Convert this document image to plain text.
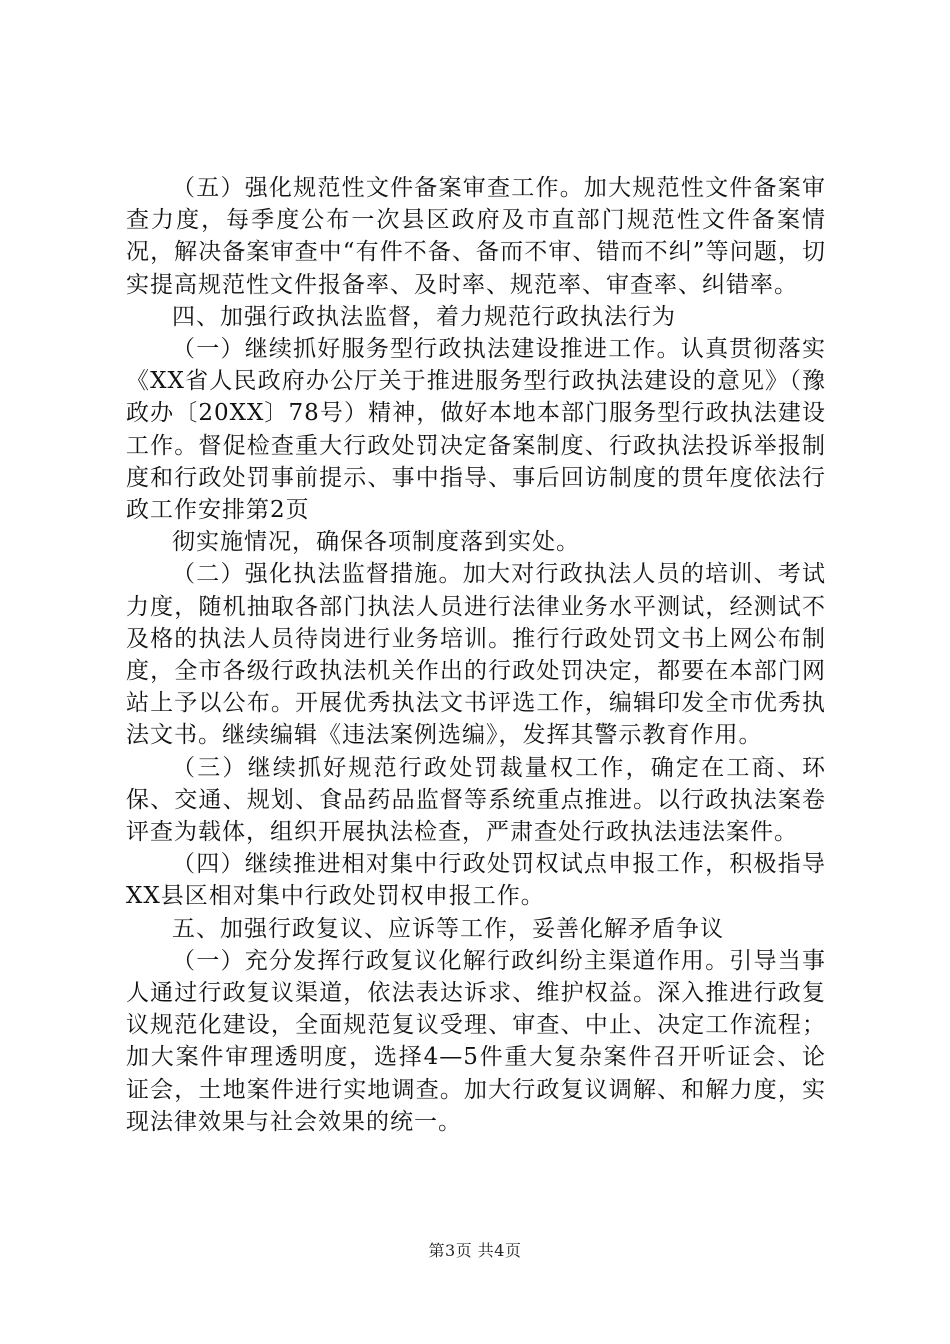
（五）强化规范性文件备案审查工作。加大规范性文件备案审查力度，每季度公布一次县区政府及市直部门规范性文件备案情况，解决备案审查中“有件不备、备而不审、错而不纠”等问题，切实提高规范性文件报备率、及时率、规范率、审查率、纠错率。

四、加强行政执法监督，着力规范行政执法行为

（一）继续抓好服务型行政执法建设推进工作。认真贯彻落实《XX省人民政府办公厅关于推进服务型行政执法建设的意见》（豫政办〔20XX〕78号）精神，做好本地本部门服务型行政执法建设工作。督促检查重大行政处罚决定备案制度、行政执法投诉举报制度和行政处罚事前提示、事中指导、事后回访制度的贯年度依法行政工作安排第2页

彻实施情况，确保各项制度落到实处。

（二）强化执法监督措施。加大对行政执法人员的培训、考试力度，随机抽取各部门执法人员进行法律业务水平测试，经测试不及格的执法人员待岗进行业务培训。推行行政处罚文书上网公布制度，全市各级行政执法机关作出的行政处罚决定，都要在本部门网站上予以公布。开展优秀执法文书评选工作，编辑印发全市优秀执法文书。继续编辑《违法案例选编》，发挥其警示教育作用。

（三）继续抓好规范行政处罚裁量权工作，确定在工商、环保、交通、规划、食品药品监督等系统重点推进。以行政执法案卷评查为载体，组织开展执法检查，严肃查处行政执法违法案件。

（四）继续推进相对集中行政处罚权试点申报工作，积极指导XX县区相对集中行政处罚权申报工作。

五、加强行政复议、应诉等工作，妥善化解矛盾争议

（一）充分发挥行政复议化解行政纠纷主渠道作用。引导当事人通过行政复议渠道，依法表达诉求、维护权益。深入推进行政复议规范化建设，全面规范复议受理、审查、中止、决定工作流程；加大案件审理透明度，选择4—5件重大复杂案件召开听证会、论证会，土地案件进行实地调查。加大行政复议调解、和解力度，实现法律效果与社会效果的统一。

第3页 共4页
